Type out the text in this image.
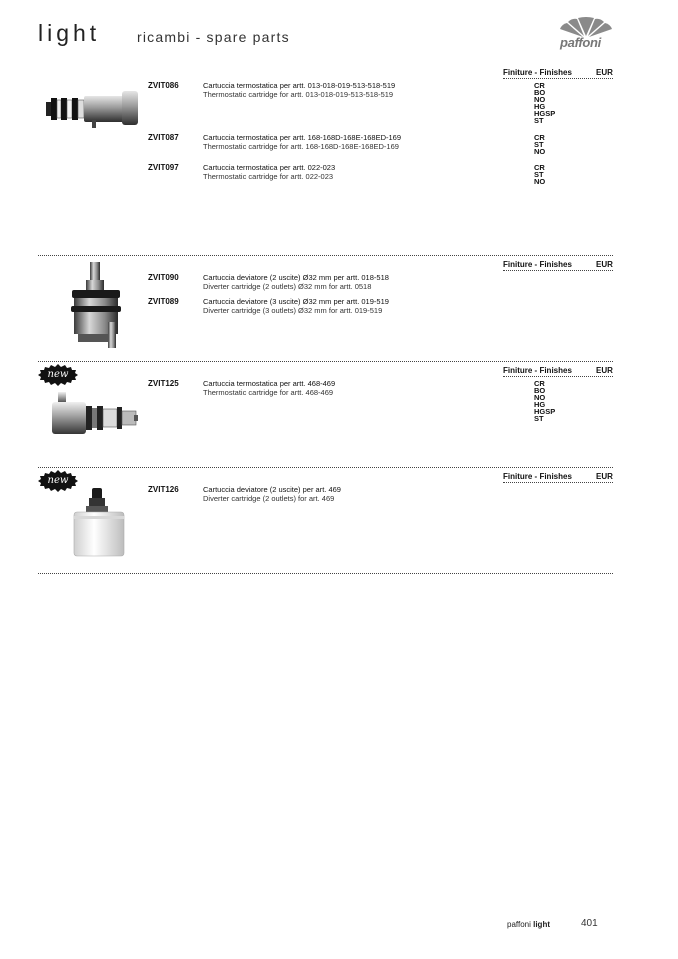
light	ricambi - spare parts	paffoni
Finiture - Finishes	EUR
ZVIT086	Cartuccia termostatica per artt. 013-018-019-513-518-519
Thermostatic cartridge for artt. 013-018-019-513-518-519
CR
BO
NO
HG
HGSP
ST
ZVIT087	Cartuccia termostatica per artt. 168-168D-168E-168ED-169
Thermostatic cartridge for artt. 168-168D-168E-168ED-169
CR
ST
NO
ZVIT097	Cartuccia termostatica per artt. 022-023
Thermostatic cartridge for artt. 022-023
CR
ST
NO
Finiture - Finishes	EUR
ZVIT090	Cartuccia deviatore (2 uscite) Ø32 mm per artt. 018-518
Diverter cartridge (2 outlets) Ø32 mm for artt. 0518
ZVIT089	Cartuccia deviatore (3 uscite) Ø32 mm per artt. 019-519
Diverter cartridge (3 outlets) Ø32 mm for artt. 019-519
new	Finiture - Finishes	EUR
ZVIT125	Cartuccia termostatica per artt. 468-469
Thermostatic cartridge for artt. 468-469
CR
BO
NO
HG
HGSP
ST
new	Finiture - Finishes	EUR
ZVIT126	Cartuccia deviatore (2 uscite) per art. 469
Diverter cartridge (2 outlets) for art. 469
paffoni light	401
